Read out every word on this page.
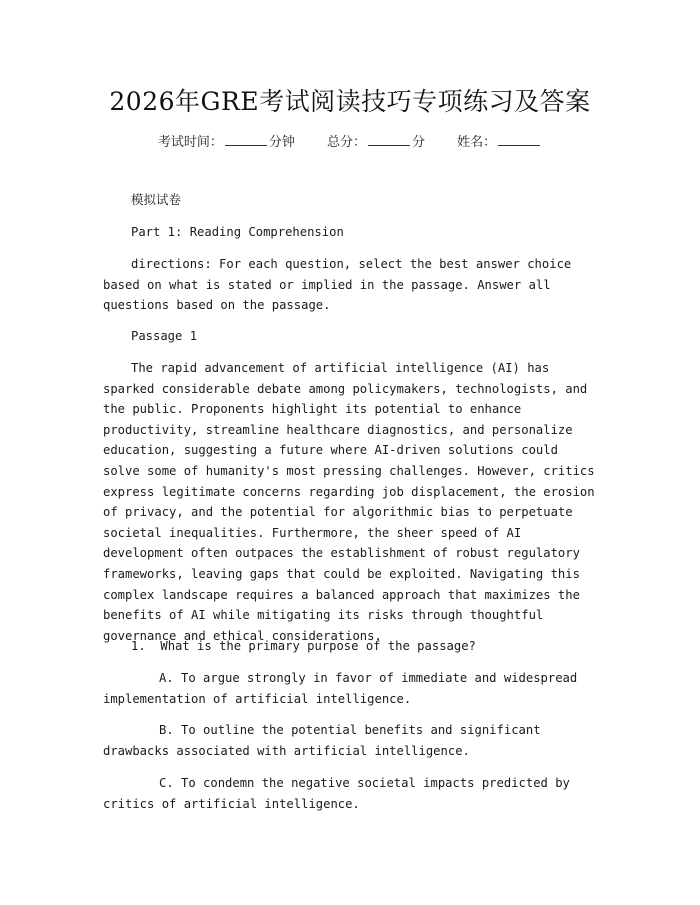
2026年GRE考试阅读技巧专项练习及答案
考试时间：	分钟 总分：	分 姓名：
模拟试卷
Part 1: Reading Comprehension
directions: For each question, select the best answer choice based on what is stated or implied in the passage. Answer all questions based on the passage.
Passage 1
The rapid advancement of artificial intelligence (AI) has sparked considerable debate among policymakers, technologists, and the public. Proponents highlight its potential to enhance productivity, streamline healthcare diagnostics, and personalize education, suggesting a future where AI-driven solutions could solve some of humanity's most pressing challenges. However, critics express legitimate concerns regarding job displacement, the erosion of privacy, and the potential for algorithmic bias to perpetuate societal inequalities. Furthermore, the sheer speed of AI development often outpaces the establishment of robust regulatory frameworks, leaving gaps that could be exploited. Navigating this complex landscape requires a balanced approach that maximizes the benefits of AI while mitigating its risks through thoughtful governance and ethical considerations.
1. What is the primary purpose of the passage?
A. To argue strongly in favor of immediate and widespread implementation of artificial intelligence.
B. To outline the potential benefits and significant drawbacks associated with artificial intelligence.
C. To condemn the negative societal impacts predicted by critics of artificial intelligence.
